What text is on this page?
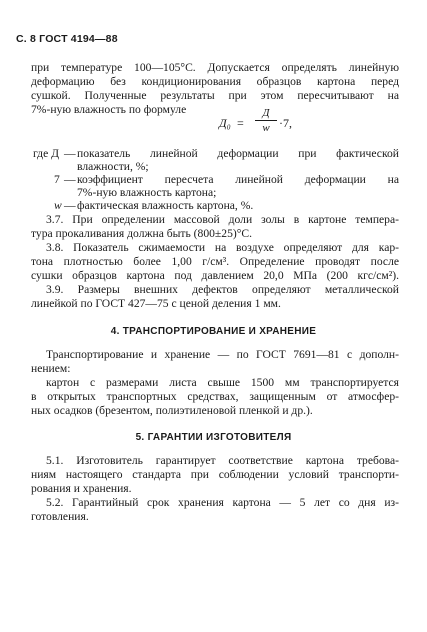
С. 8 ГОСТ 4194—88
при температуре 100—105°С. Допускается определять линейную
деформацию без кондиционирования образцов картона перед
сушкой. Полученные результаты при этом пересчитывают на
7%-ную влажность по формуле
Д₀ =
Д
w ·7,
где Д — показатель линейной деформации при фактической
влажности, %;
7 — коэффициент пересчета линейной деформации на
7%-ную влажность картона;
w — фактическая влажность картона, %.
3.7. При определении массовой доли золы в картоне темпера-
тура прокаливания должна быть (800±25)°С.
3.8. Показатель сжимаемости на воздухе определяют для кар-
тона плотностью более 1,00 г/см³. Определение проводят после
сушки образцов картона под давлением 20,0 МПа (200 кгс/см²).
3.9. Размеры внешних дефектов определяют металлической
линейкой по ГОСТ 427—75 с ценой деления 1 мм.
4. ТРАНСПОРТИРОВАНИЕ И ХРАНЕНИЕ
Транспортирование и хранение — по ГОСТ 7691—81 с дополн-
нением:
картон с размерами листа свыше 1500 мм транспортируется
в открытых транспортных средствах, защищенным от атмосфер-
ных осадков (брезентом, полиэтиленовой пленкой и др.).
5. ГАРАНТИИ ИЗГОТОВИТЕЛЯ
5.1. Изготовитель гарантирует соответствие картона требова-
ниям настоящего стандарта при соблюдении условий транспорти-
рования и хранения.
5.2. Гарантийный срок хранения картона — 5 лет со дня из-
готовления.
